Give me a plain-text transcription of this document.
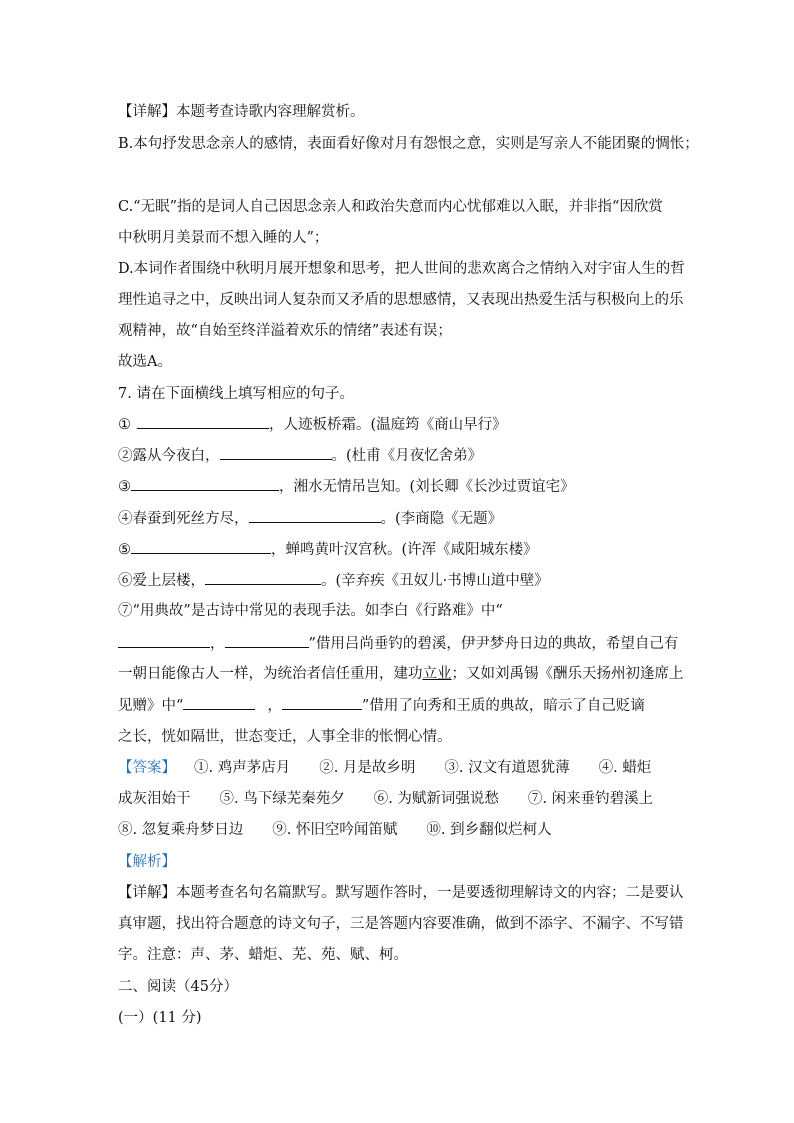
【详解】本题考查诗歌内容理解赏析。
B.本句抒发思念亲人的感情，表面看好像对月有怨恨之意，实则是写亲人不能团聚的惆怅；
C.“无眠”指的是词人自己因思念亲人和政治失意而内心忧郁难以入眠，并非指“因欣赏
中秋明月美景而不想入睡的人”；
D.本词作者围绕中秋明月展开想象和思考，把人世间的悲欢离合之情纳入对宇宙人生的哲
理性追寻之中，反映出词人复杂而又矛盾的思想感情，又表现出热爱生活与积极向上的乐
观精神，故“自始至终洋溢着欢乐的情绪”表述有误；
故选A。
7. 请在下面横线上填写相应的句子。
①	，人迹板桥霜。(温庭筠《商山早行》
②露从今夜白，	。(杜甫《月夜忆舍弟》
③	，湘水无情吊岂知。(刘长卿《长沙过贾谊宅》
④春蚕到死丝方尽，	。(李商隐《无题》
⑤	，蝉鸣黄叶汉宫秋。(许浑《咸阳城东楼》
⑥爱上层楼，	。(辛弃疾《丑奴儿·书博山道中壁》
⑦“用典故”是古诗中常见的表现手法。如李白《行路难》中“
，	”借用吕尚垂钓的碧溪，伊尹梦舟日边的典故，希望自己有
一朝日能像古人一样，为统治者信任重用，建功立业；又如刘禹锡《酬乐天扬州初逢席上
见赠》中“	，	”借用了向秀和王质的典故，暗示了自己贬谪
之长，恍如隔世，世态变迁，人事全非的怅惘心情。
【答案】 ①. 鸡声茅店月　　②. 月是故乡明　　③. 汉文有道恩犹薄　　④. 蜡炬
成灰泪始干　　⑤. 鸟下绿芜秦苑夕　　⑥. 为赋新词强说愁　　⑦. 闲来垂钓碧溪上
⑧. 忽复乘舟梦日边　　⑨. 怀旧空吟闻笛赋　　⑩. 到乡翻似烂柯人
【解析】
【详解】本题考查名句名篇默写。默写题作答时，一是要透彻理解诗文的内容；二是要认
真审题，找出符合题意的诗文句子，三是答题内容要准确，做到不添字、不漏字、不写错
字。注意：声、茅、蜡炬、芜、苑、赋、柯。
二、阅读（45分）
(一）(11 分)
